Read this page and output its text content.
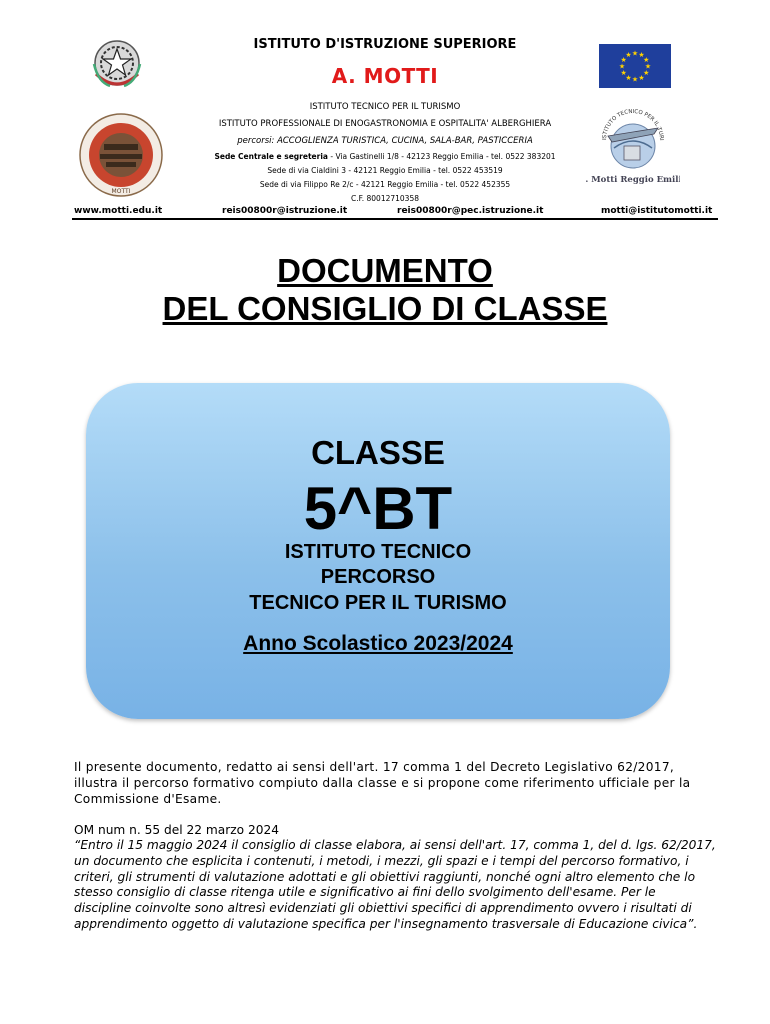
★ ★
★
★
★
★
★
★
★
★
★
★
MOTTI
Motti Reggio Emil
ISTITUTO TECNICO PER IL TURI
ISTITUTO D'ISTRUZIONE SUPERIORE
A. MOTTI
ISTITUTO TECNICO PER IL TURISMO
ISTITUTO PROFESSIONALE DI ENOGASTRONOMIA E OSPITALITA' ALBERGHIERA
percorsi: ACCOGLIENZA TURISTICA, CUCINA, SALA-BAR, PASTICCERIA
Sede Centrale e segreteria - Via Gastinelli 1/8 - 42123 Reggio Emilia - tel. 0522 383201
Sede di via Cialdini 3 - 42121 Reggio Emilia - tel. 0522 453519
Sede di via Filippo Re 2/c - 42121 Reggio Emilia - tel. 0522 452355
C.F. 80012710358
www.motti.edu.it	reis00800r@istruzione.it	reis00800r@pec.istruzione.it	motti@istitutomotti.it
DOCUMENTO
DEL CONSIGLIO DI CLASSE
CLASSE
5^BT
ISTITUTO TECNICO
PERCORSO
TECNICO PER IL TURISMO
Anno Scolastico 2023/2024
Il presente documento, redatto ai sensi dell'art. 17 comma 1 del Decreto Legislativo 62/2017, illustra il percorso formativo compiuto dalla classe e si propone come riferimento ufficiale per la Commissione d'Esame.
OM num n. 55 del 22 marzo 2024
“Entro il 15 maggio 2024 il consiglio di classe elabora, ai sensi dell'art. 17, comma 1, del d. lgs. 62/2017, un documento che esplicita i contenuti, i metodi, i mezzi, gli spazi e i tempi del percorso formativo, i criteri, gli strumenti di valutazione adottati e gli obiettivi raggiunti, nonché ogni altro elemento che lo stesso consiglio di classe ritenga utile e significativo ai fini dello svolgimento dell'esame. Per le discipline coinvolte sono altresì evidenziati gli obiettivi specifici di apprendimento ovvero i risultati di apprendimento oggetto di valutazione specifica per l'insegnamento trasversale di Educazione civica”.
